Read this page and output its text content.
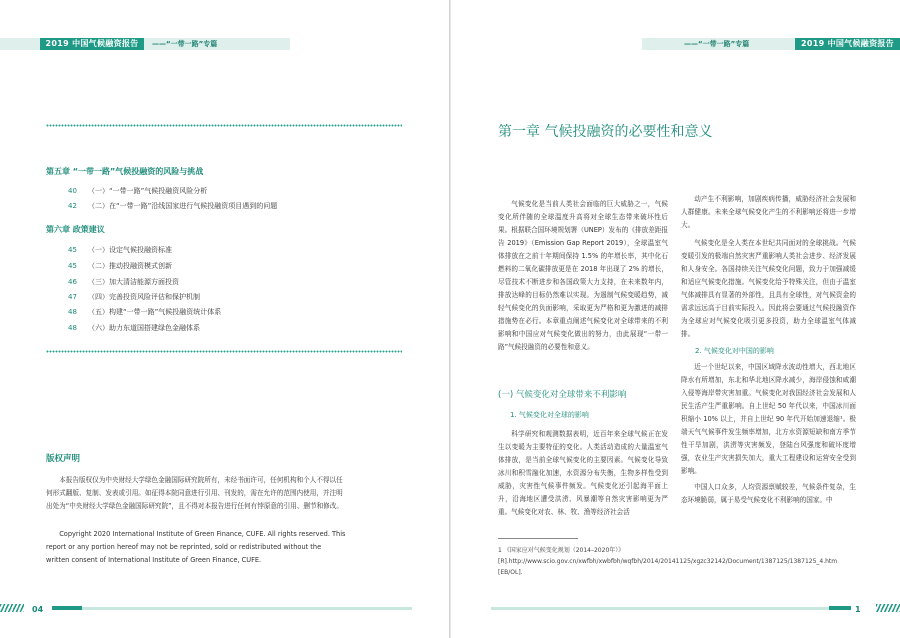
2019 中国气候融资报告	——“一带一路”专篇
第五章 “一带一路”气候投融资的风险与挑战
40 （一）“一带一路”气候投融资风险分析
42 （二）在“一带一路”沿线国家进行气候投融资项目遇到的问题
第六章 政策建议
45 （一）设定气候投融资标准
45 （二）推动投融资模式创新
46 （三）加大清洁能源方面投资
47 （四）完善投资风险评估和保护机制
48 （五）构建“一带一路”气候投融资统计体系
48 （六）助力东道国搭建绿色金融体系
版权声明
本报告版权仅为中央财经大学绿色金融国际研究院所有，未经书面许可，任何机构和个人不得以任何形式翻版、复制、发表或引用。如征得本院同意进行引用、刊发的，需在允许的范围内使用，并注明出处为“中央财经大学绿色金融国际研究院”，且不得对本报告进行任何有悖原意的引用、删节和修改。
Copyright 2020 International Institute of Green Finance, CUFE. All rights reserved. This report or any portion hereof may not be reprinted, sold or redistributed without the written consent of International Institute of Green Finance, CUFE.
04
——“一带一路”专篇	2019 中国气候融资报告
第一章 气候投融资的必要性和意义

气候变化是当前人类社会面临的巨大威胁之一，气候变化所伴随的全球温度升高将对全球生态带来破坏性后果。根据联合国环境规划署（UNEP）发布的《排放差距报告 2019》（Emission Gap Report 2019），全球温室气体排放在之前十年期间保持 1.5% 的年增长率，其中化石燃料的二氧化碳排放更是在 2018 年出现了 2% 的增长，尽管技术不断进步和各国政策大力支持，在未来数年内，排放达峰的目标仍然难以实现。为遏制气候变暖趋势，减轻气候变化的负面影响，采取更为严格和更为激进的减排措施势在必行。本章重点阐述气候变化对全球带来的不利影响和中国应对气候变化做出的努力，由此展现“一带一路”气候投融资的必要性和意义。

(一) 气候变化对全球带来不利影响
1. 气候变化对全球的影响

科学研究和观测数据表明，近百年来全球气候正在发生以变暖为主要特征的变化。人类活动造成的大量温室气体排放，是当前全球气候变化的主要因素。气候变化导致冰川和积雪融化加速，水资源分布失衡，生物多样性受到威胁，灾害性气候事件频发。气候变化还引起海平面上升，沿海地区遭受洪涝、风暴潮等自然灾害影响更为严重。气候变化对农、林、牧、渔等经济社会活

动产生不利影响，加剧疾病传播，威胁经济社会发展和人群健康。未来全球气候变化产生的不利影响还将进一步增大。

气候变化是全人类在本世纪共同面对的全球挑战。气候变暖引发的极端自然灾害严重影响人类社会进步、经济发展和人身安全。各国持续关注气候变化问题，致力于加强减缓和适应气候变化措施。气候变化给予特殊关注，但由于温室气体减排具有显著的外部性，且具有全球性，对气候资金的需求远远高于目前实际投入。因此将会要通过气候投融资作为全球应对气候变化吸引更多投资，助力全球温室气体减排。

2. 气候变化对中国的影响

近一个世纪以来，中国区域降水波动性增大，西北地区降水有所增加，东北和华北地区降水减少，海岸侵蚀和咸潮入侵等海岸带灾害加重。气候变化对我国经济社会发展和人民生活产生严重影响。自上世纪 50 年代以来，中国冰川面积缩小 10% 以上，并自上世纪 90 年代开始加速退缩¹。极端天气气候事件发生频率增加，北方水资源短缺和南方季节性干旱加剧，洪涝等灾害频发，登陆台风强度和破坏度增强，农业生产灾害损失加大，重大工程建设和运营安全受到影响。

中国人口众多，人均资源禀赋较差，气候条件复杂，生态环境脆弱，属于易受气候变化不利影响的国家。中

1 《国家应对气候变化规划（2014–2020年）》[R].http://www.scio.gov.cn/xwfbh/xwbfbh/wqfbh/2014/20141125/xgzc32142/Document/1387125/1387125_4.htm [EB/OL].
1
